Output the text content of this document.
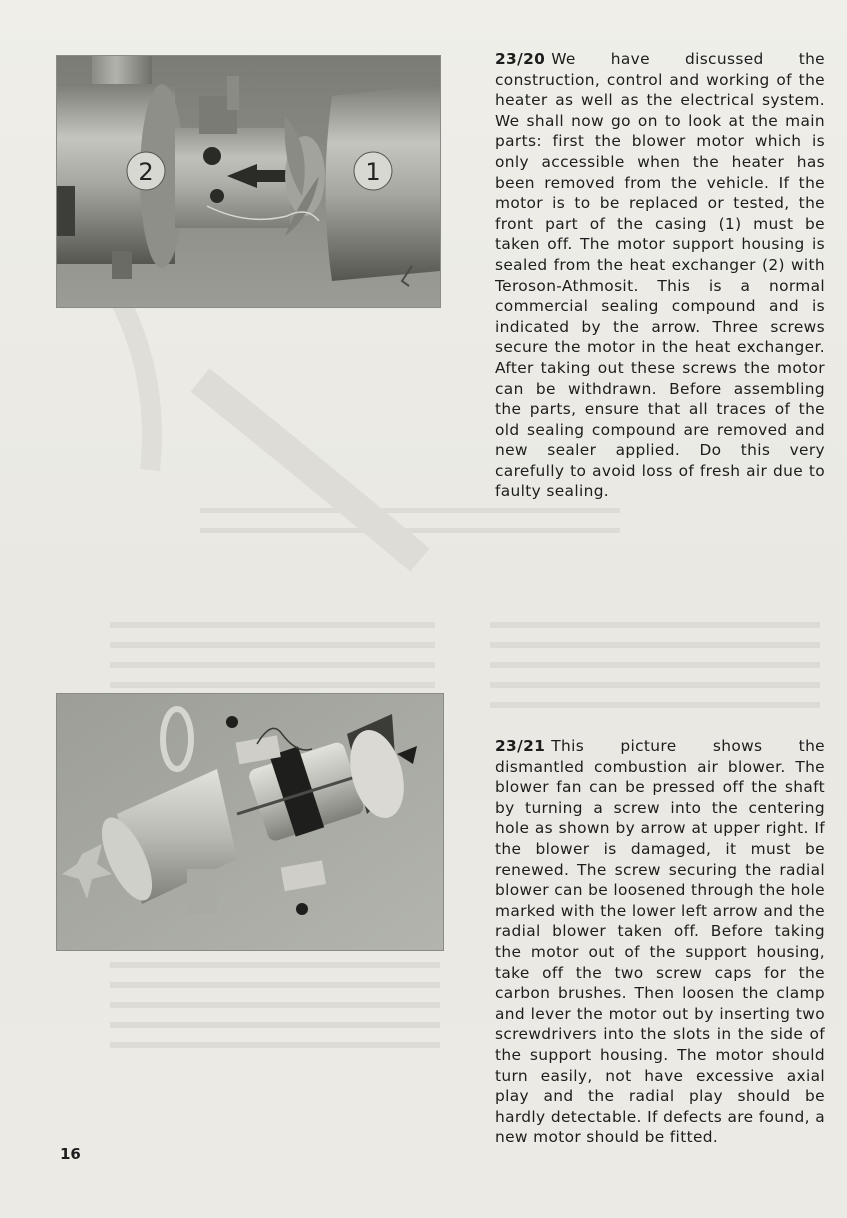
2	1

23/20 We have discussed the construction, control and working of the heater as well as the electrical system. We shall now go on to look at the main parts: first the blower motor which is only accessible when the heater has been removed from the vehicle. If the motor is to be replaced or tested, the front part of the casing (1) must be taken off. The motor support housing is sealed from the heat exchanger (2) with Teroson-Athmosit. This is a normal commercial sealing compound and is indicated by the arrow. Three screws secure the motor in the heat exchanger. After taking out these screws the motor can be withdrawn. Before assembling the parts, ensure that all traces of the old sealing compound are removed and new sealer applied. Do this very carefully to avoid loss of fresh air due to faulty sealing.

23/21 This picture shows the dismantled combustion air blower. The blower fan can be pressed off the shaft by turning a screw into the centering hole as shown by arrow at upper right. If the blower is damaged, it must be renewed. The screw securing the radial blower can be loosened through the hole marked with the lower left arrow and the radial blower taken off. Before taking the motor out of the support housing, take off the two screw caps for the carbon brushes. Then loosen the clamp and lever the motor out by inserting two screwdrivers into the slots in the side of the support housing. The motor should turn easily, not have excessive axial play and the radial play should be hardly detectable. If defects are found, a new motor should be fitted.

16
